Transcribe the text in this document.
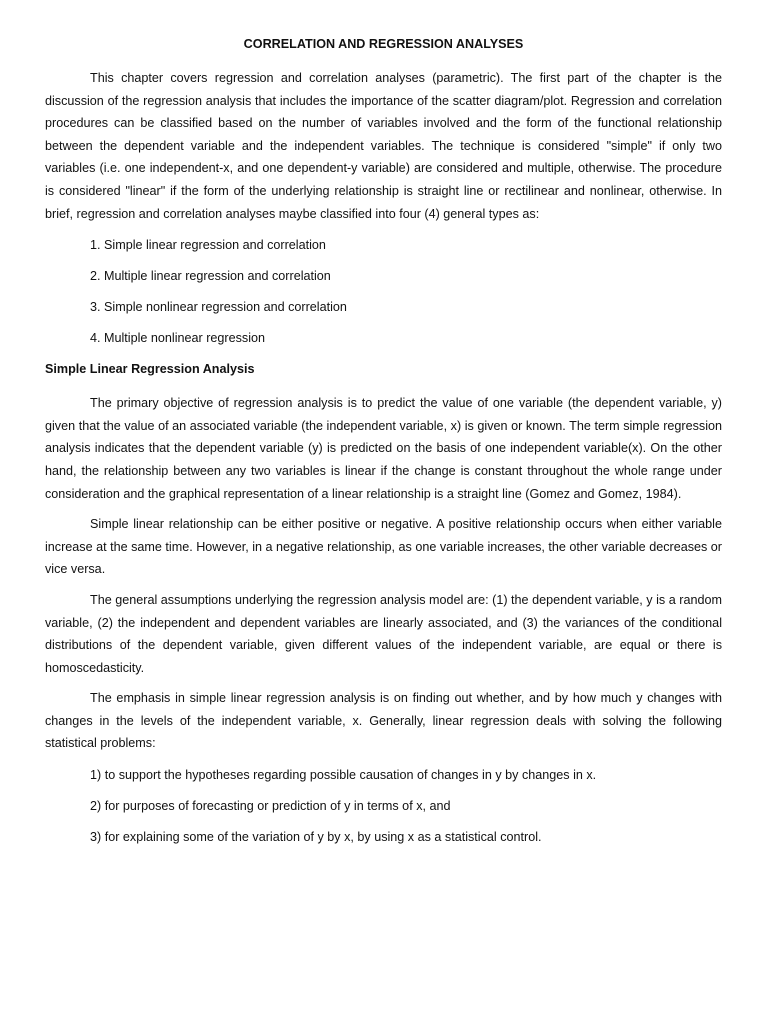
CORRELATION AND REGRESSION ANALYSES

This chapter covers regression and correlation analyses (parametric). The first part of the chapter is the discussion of the regression analysis that includes the importance of the scatter diagram/plot. Regression and correlation procedures can be classified based on the number of variables involved and the form of the functional relationship between the dependent variable and the independent variables. The technique is considered "simple" if only two variables (i.e. one independent-x, and one dependent-y variable) are considered and multiple, otherwise. The procedure is considered "linear" if the form of the underlying relationship is straight line or rectilinear and nonlinear, otherwise. In brief, regression and correlation analyses maybe classified into four (4) general types as:

1. Simple linear regression and correlation
2. Multiple linear regression and correlation
3. Simple nonlinear regression and correlation
4. Multiple nonlinear regression
Simple Linear Regression Analysis

The primary objective of regression analysis is to predict the value of one variable (the dependent variable, y) given that the value of an associated variable (the independent variable, x) is given or known. The term simple regression analysis indicates that the dependent variable (y) is predicted on the basis of one independent variable(x). On the other hand, the relationship between any two variables is linear if the change is constant throughout the whole range under consideration and the graphical representation of a linear relationship is a straight line (Gomez and Gomez, 1984).

Simple linear relationship can be either positive or negative. A positive relationship occurs when either variable increase at the same time. However, in a negative relationship, as one variable increases, the other variable decreases or vice versa.

The general assumptions underlying the regression analysis model are: (1) the dependent variable, y is a random variable, (2) the independent and dependent variables are linearly associated, and (3) the variances of the conditional distributions of the dependent variable, given different values of the independent variable, are equal or there is homoscedasticity.

The emphasis in simple linear regression analysis is on finding out whether, and by how much y changes with changes in the levels of the independent variable, x. Generally, linear regression deals with solving the following statistical problems:

1) to support the hypotheses regarding possible causation of changes in y by changes in x.
2) for purposes of forecasting or prediction of y in terms of x, and
3) for explaining some of the variation of y by x, by using x as a statistical control.
